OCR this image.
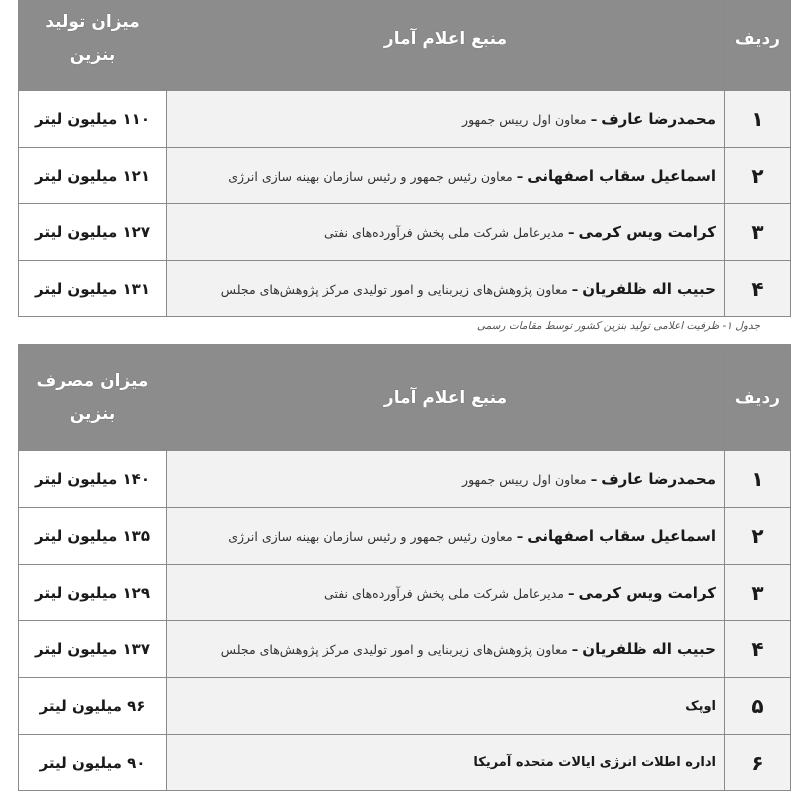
ردیف	منبع اعلام آمار	میزان تولید
بنزین

۱	محمدرضا عارف–معاون اول رییس جمهور	۱۱۰ میلیون لیتر
۲	اسماعیل سقاب اصفهانی–معاون رئیس جمهور و رئیس سازمان بهینه سازی انرژی	۱۲۱ میلیون لیتر
۳	کرامت ویس کرمی–مدیرعامل شرکت ملی پخش فرآورده‌های نفتی	۱۲۷ میلیون لیتر
۴	حبیب اله ظلفریان–معاون پژوهش‌های زیربنایی و امور تولیدی مرکز پژوهش‌های مجلس	۱۳۱ میلیون لیتر
جدول ۱- ظرفیت اعلامی تولید بنزین کشور توسط مقامات رسمی
ردیف	منبع اعلام آمار	میزان مصرف
بنزین

۱	محمدرضا عارف–معاون اول رییس جمهور	۱۴۰ میلیون لیتر
۲	اسماعیل سقاب اصفهانی–معاون رئیس جمهور و رئیس سازمان بهینه سازی انرژی	۱۳۵ میلیون لیتر
۳	کرامت ویس کرمی–مدیرعامل شرکت ملی پخش فرآورده‌های نفتی	۱۲۹ میلیون لیتر
۴	حبیب اله ظلفریان–معاون پژوهش‌های زیربنایی و امور تولیدی مرکز پژوهش‌های مجلس	۱۳۷ میلیون لیتر
۵	اوپک	۹۶ میلیون لیتر
۶	اداره اطلات انرژی ایالات متحده آمریکا	۹۰ میلیون لیتر
